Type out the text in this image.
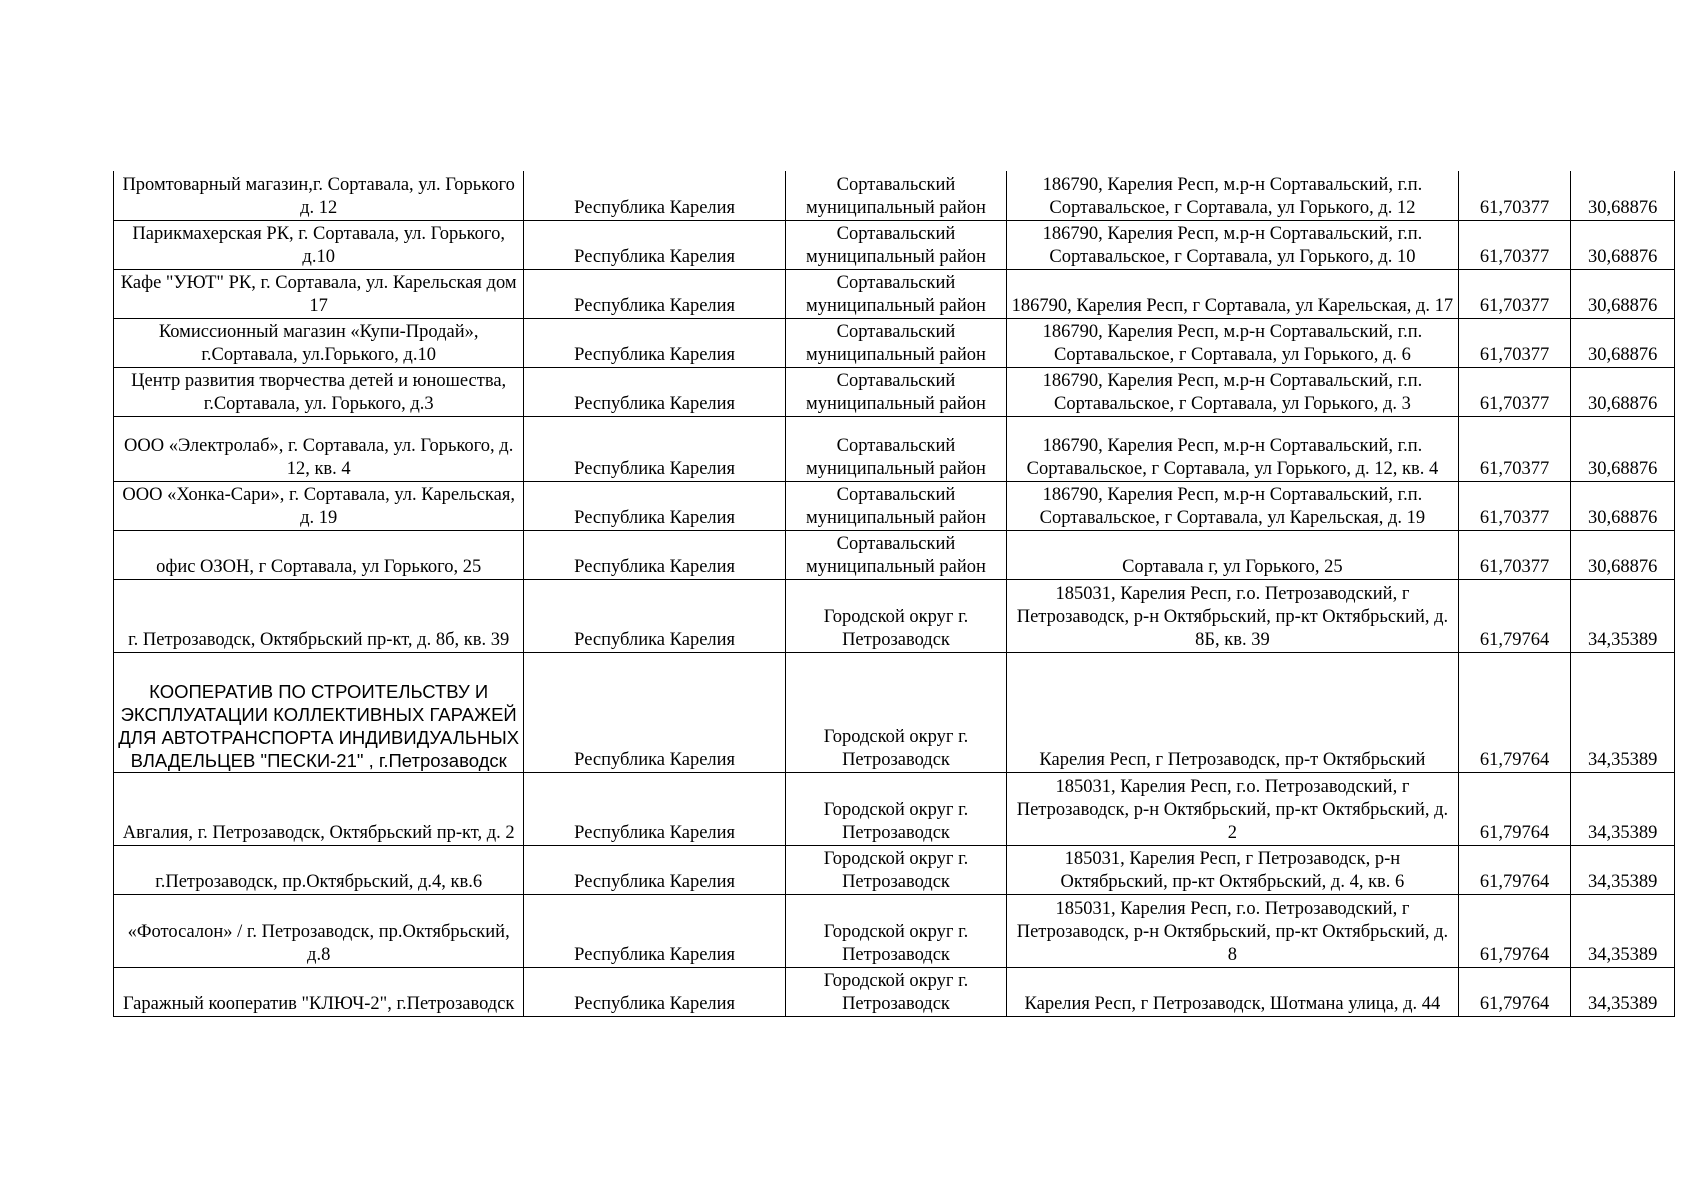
Промтоварный магазин,г. Сортавала, ул. Горького д. 12	Республика Карелия	Сортавальский муниципальный район	186790, Карелия Респ, м.р-н Сортавальский, г.п. Сортавальское, г Сортавала, ул Горького, д. 12	61,70377	30,68876
Парикмахерская РК, г. Сортавала, ул. Горького, д.10	Республика Карелия	Сортавальский муниципальный район	186790, Карелия Респ, м.р-н Сортавальский, г.п. Сортавальское, г Сортавала, ул Горького, д. 10	61,70377	30,68876
Кафе "УЮТ" РК, г. Сортавала, ул. Карельская дом 17	Республика Карелия	Сортавальский муниципальный район	186790, Карелия Респ, г Сортавала, ул Карельская, д. 17	61,70377	30,68876
Комиссионный магазин «Купи-Продай», г.Сортавала, ул.Горького, д.10	Республика Карелия	Сортавальский муниципальный район	186790, Карелия Респ, м.р-н Сортавальский, г.п. Сортавальское, г Сортавала, ул Горького, д. 6	61,70377	30,68876
Центр развития творчества детей и юношества, г.Сортавала, ул. Горького, д.3	Республика Карелия	Сортавальский муниципальный район	186790, Карелия Респ, м.р-н Сортавальский, г.п. Сортавальское, г Сортавала, ул Горького, д. 3	61,70377	30,68876
ООО «Электролаб», г. Сортавала, ул. Горького, д. 12, кв. 4	Республика Карелия	Сортавальский муниципальный район	186790, Карелия Респ, м.р-н Сортавальский, г.п. Сортавальское, г Сортавала, ул Горького, д. 12, кв. 4	61,70377	30,68876
ООО «Хонка-Сари», г. Сортавала, ул. Карельская, д. 19	Республика Карелия	Сортавальский муниципальный район	186790, Карелия Респ, м.р-н Сортавальский, г.п. Сортавальское, г Сортавала, ул Карельская, д. 19	61,70377	30,68876
офис ОЗОН, г Сортавала, ул Горького, 25	Республика Карелия	Сортавальский муниципальный район	Сортавала г, ул Горького, 25	61,70377	30,68876
г. Петрозаводск, Октябрьский пр-кт, д. 8б, кв. 39	Республика Карелия	Городской округ г. Петрозаводск	185031, Карелия Респ, г.о. Петрозаводский, г Петрозаводск, р-н Октябрьский, пр-кт Октябрьский, д. 8Б, кв. 39	61,79764	34,35389
КООПЕРАТИВ ПО СТРОИТЕЛЬСТВУ И ЭКСПЛУАТАЦИИ КОЛЛЕКТИВНЫХ ГАРАЖЕЙ ДЛЯ АВТОТРАНСПОРТА ИНДИВИДУАЛЬНЫХ ВЛАДЕЛЬЦЕВ "ПЕСКИ-21" , г.Петрозаводск	Республика Карелия	Городской округ г. Петрозаводск	Карелия Респ, г Петрозаводск, пр-т Октябрьский	61,79764	34,35389
Авгалия, г. Петрозаводск, Октябрьский пр-кт, д. 2	Республика Карелия	Городской округ г. Петрозаводск	185031, Карелия Респ, г.о. Петрозаводский, г Петрозаводск, р-н Октябрьский, пр-кт Октябрьский, д. 2	61,79764	34,35389
г.Петрозаводск, пр.Октябрьский, д.4, кв.6	Республика Карелия	Городской округ г. Петрозаводск	185031, Карелия Респ, г Петрозаводск, р-н Октябрьский, пр-кт Октябрьский, д. 4, кв. 6	61,79764	34,35389
«Фотосалон» / г. Петрозаводск, пр.Октябрьский, д.8	Республика Карелия	Городской округ г. Петрозаводск	185031, Карелия Респ, г.о. Петрозаводский, г Петрозаводск, р-н Октябрьский, пр-кт Октябрьский, д. 8	61,79764	34,35389
Гаражный кооператив "КЛЮЧ-2", г.Петрозаводск	Республика Карелия	Городской округ г. Петрозаводск	Карелия Респ, г Петрозаводск, Шотмана улица, д. 44	61,79764	34,35389
